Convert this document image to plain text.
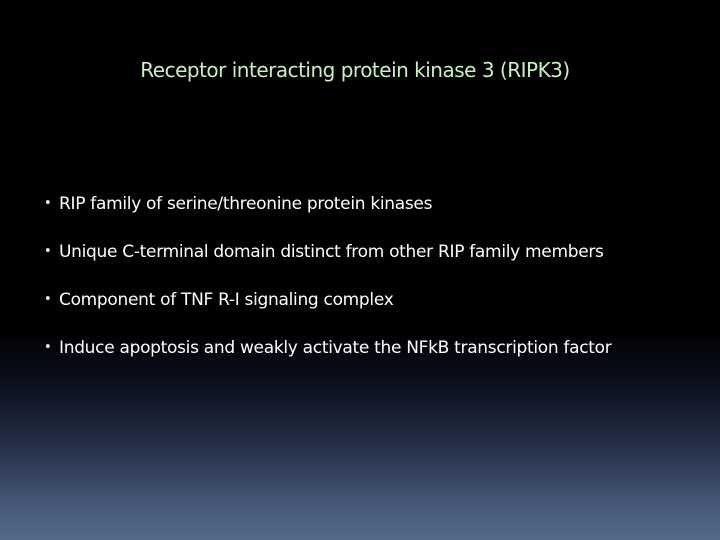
Receptor interacting protein kinase 3 (RIPK3)
• RIP family of serine/threonine protein kinases
• Unique C-terminal domain distinct from other RIP family members
• Component of TNF R-I signaling complex
• Induce apoptosis and weakly activate the NFkB transcription factor
